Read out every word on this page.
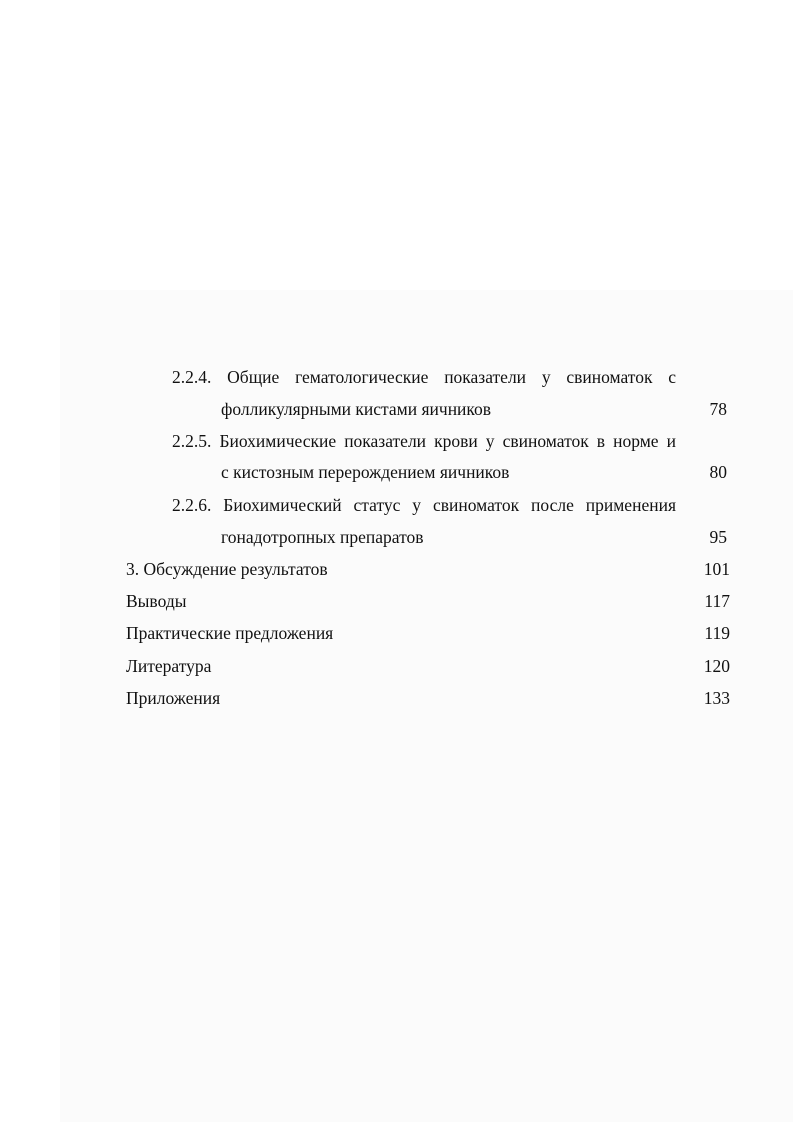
2.2.4. Общие гематологические показатели у свиноматок с
фолликулярными кистами яичников	78
2.2.5. Биохимические показатели крови у свиноматок в норме и
с кистозным перерождением яичников	80
2.2.6. Биохимический статус у свиноматок после применения
гонадотропных препаратов	95
3. Обсуждение результатов	101
Выводы	117
Практические предложения	119
Литература	120
Приложения	133
